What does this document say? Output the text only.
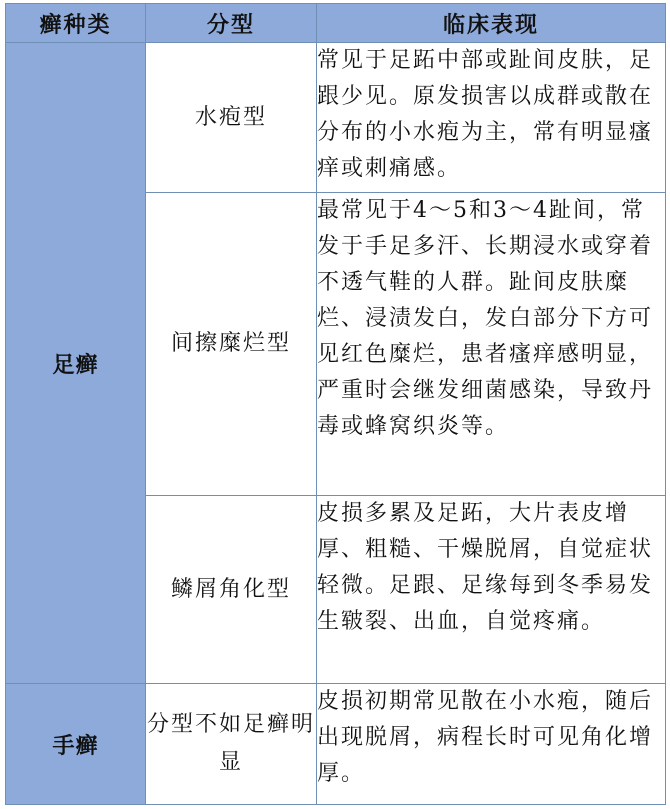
癣种类	分型	临床表现
足癣	水疱型	常见于足跖中部或趾间皮肤，足跟少见。原发损害以成群或散在分布的小水疱为主，常有明显瘙痒或刺痛感。
	间擦糜烂型	最常见于4～5和3～4趾间，常发于手足多汗、长期浸水或穿着不透气鞋的人群。趾间皮肤糜烂、浸渍发白，发白部分下方可见红色糜烂，患者瘙痒感明显，严重时会继发细菌感染，导致丹毒或蜂窝织炎等。
	鳞屑角化型	皮损多累及足跖，大片表皮增厚、粗糙、干燥脱屑，自觉症状轻微。足跟、足缘每到冬季易发生皲裂、出血，自觉疼痛。
手癣	分型不如足癣明显	皮损初期常见散在小水疱，随后出现脱屑，病程长时可见角化增厚。
